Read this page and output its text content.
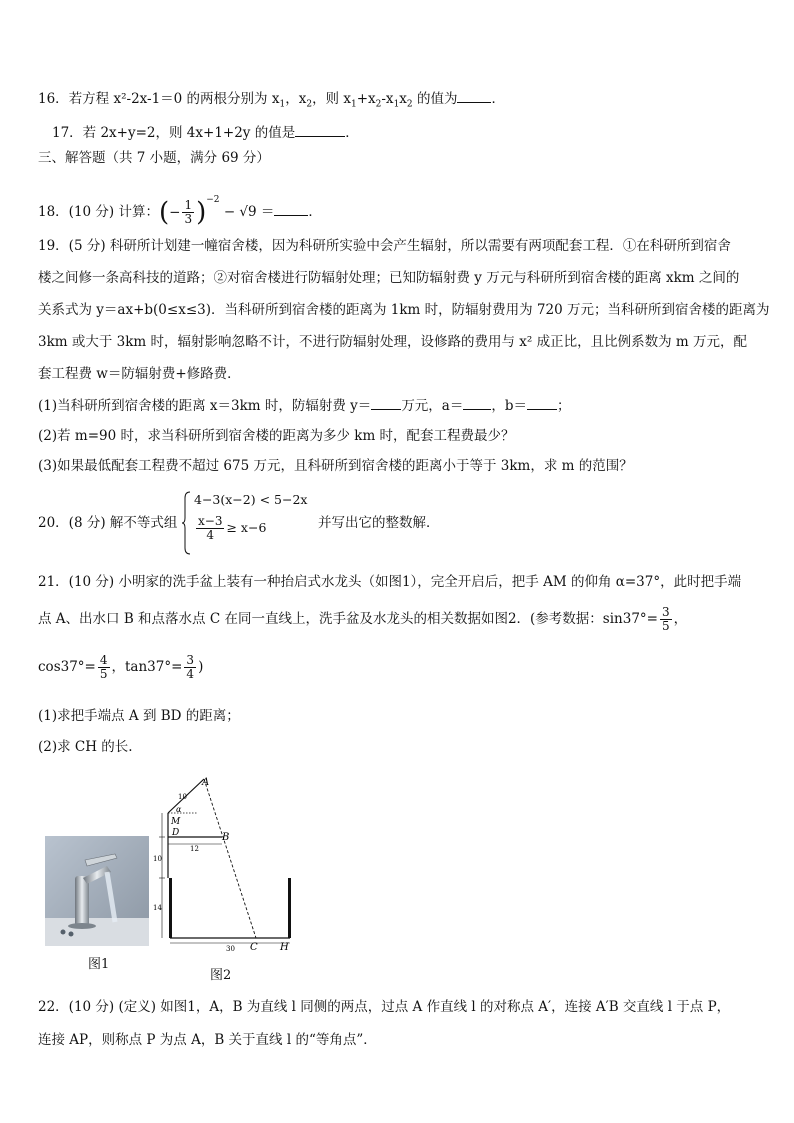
16．若方程 x²-2x-1＝0 的两根分别为 $x_1$，$x_2$，则 $x_1+x_2-x_1x_2$ 的值为	．
17．若 2x+y=2，则 4x+1+2y 的值是	．
三、解答题（共 7 小题，满分 69 分）
18．(10 分) 计算：(− $\frac{1}{3} )^{-2} - √9$ ＝	．
19．(5 分) 科研所计划建一幢宿舍楼，因为科研所实验中会产生辐射，所以需要有两项配套工程．①在科研所到宿舍
楼之间修一条高科技的道路；②对宿舍楼进行防辐射处理；已知防辐射费 y 万元与科研所到宿舍楼的距离 xkm 之间的
关系式为 y＝ax+b(0≤x≤3)．当科研所到宿舍楼的距离为 1km 时，防辐射费用为 720 万元；当科研所到宿舍楼的距离为
3km 或大于 3km 时，辐射影响忽略不计，不进行防辐射处理，设修路的费用与 x² 成正比，且比例系数为 m 万元，配
套工程费 w＝防辐射费+修路费．
(1)当科研所到宿舍楼的距离 x＝3km 时，防辐射费 y＝ 万元，a＝ ，b＝ ；
(2)若 m=90 时，求当科研所到宿舍楼的距离为多少 km 时，配套工程费最少？
(3)如果最低配套工程费不超过 675 万元，且科研所到宿舍楼的距离小于等于 3km，求 m 的范围？
20．(8 分) 解不等式组
4−3(x−2) < 5−2x
$\frac{x-3}{4} \ge x-6$	并写出它的整数解．
21．(10 分) 小明家的洗手盆上装有一种抬启式水龙头（如图1），完全开启后，把手 AM 的仰角 α=37°，此时把手端
点 A、出水口 B 和点落水点 C 在同一直线上，洗手盆及水龙头的相关数据如图2．(参考数据：$\sin 37^\circ= \frac{3}{5}$ ，
$\cos 37^\circ= \frac{4}{5}$ ，$\tan 37^\circ= \frac{3}{4}$ )
(1)求把手端点 A 到 BD 的距离；
(2)求 CH 的长.
图1
A
B
C
D
H
M
α
10
12
10
14
30
图2
22．(10 分) (定义) 如图1，A，B 为直线 l 同侧的两点，过点 A 作直线 l 的对称点 A′，连接 A′B 交直线 l 于点 P，
连接 AP，则称点 P 为点 A，B 关于直线 l 的“等角点”．
